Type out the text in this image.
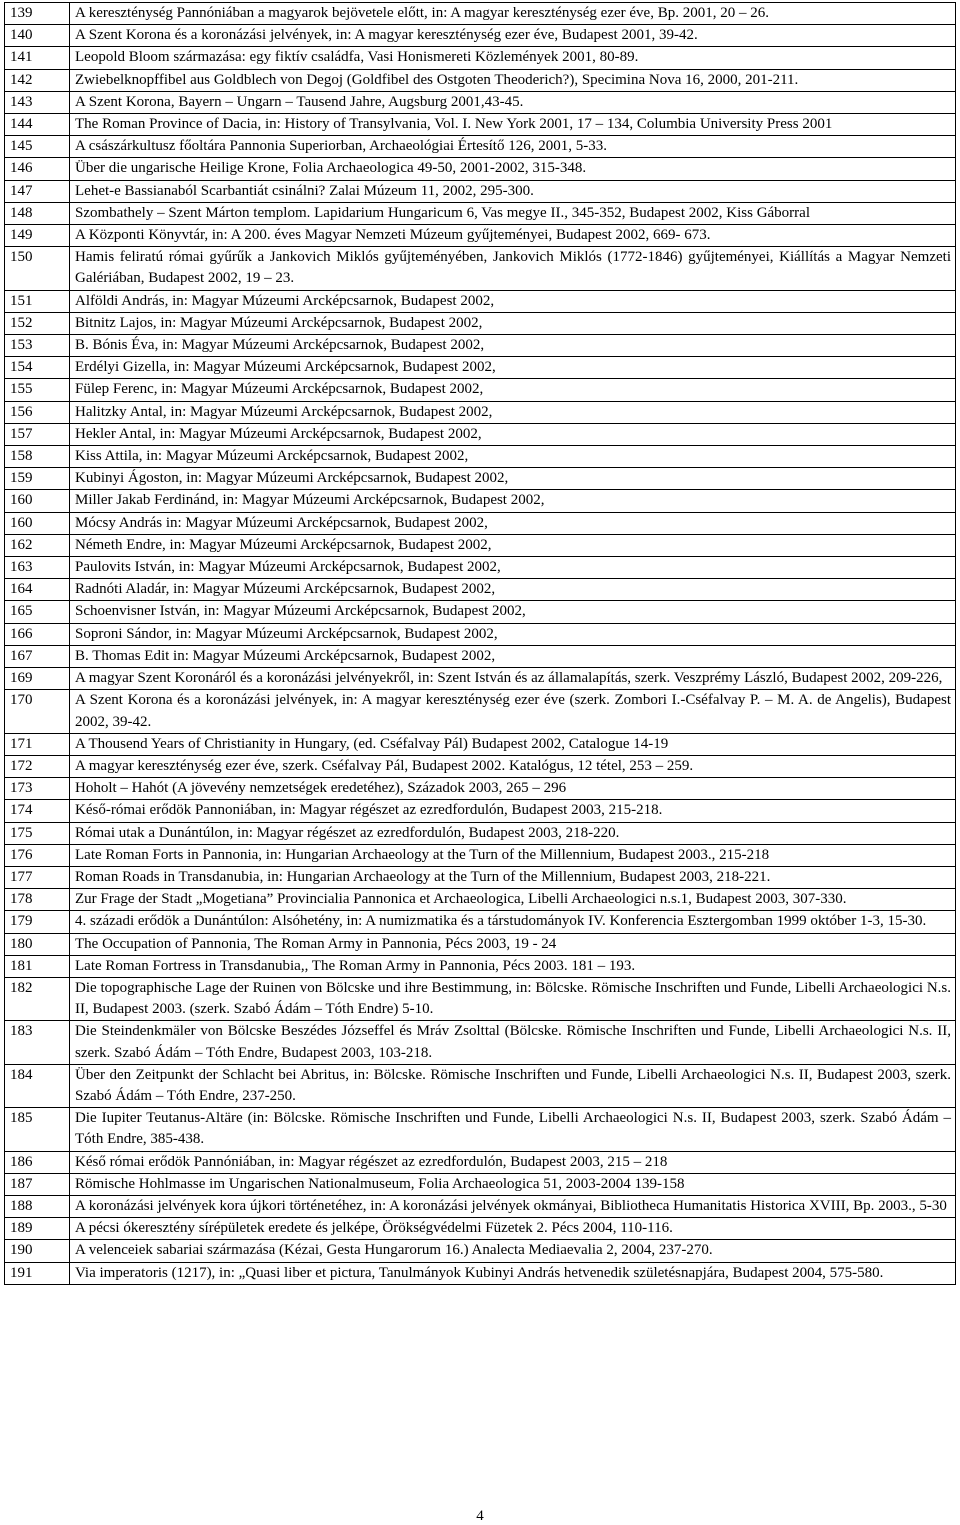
139	A kereszténység Pannóniában a magyarok bejövetele előtt, in: A magyar kereszténység ezer éve, Bp. 2001, 20 – 26.
140	A Szent Korona és a koronázási jelvények, in: A magyar kereszténység ezer éve, Budapest 2001, 39-42.
141	Leopold Bloom származása: egy fiktív családfa, Vasi Honismereti Közlemények 2001, 80-89.
142	Zwiebelknopffibel aus Goldblech von Degoj (Goldfibel des Ostgoten Theoderich?), Specimina Nova 16, 2000, 201-211.
143	A Szent Korona, Bayern – Ungarn – Tausend Jahre, Augsburg 2001,43-45.
144	The Roman Province of Dacia, in: History of Transylvania, Vol. I. New York 2001, 17 – 134, Columbia University Press 2001
145	A császárkultusz főoltára Pannonia Superiorban, Archaeológiai Értesítő 126, 2001, 5-33.
146	Über die ungarische Heilige Krone, Folia Archaeologica 49-50, 2001-2002, 315-348.
147	Lehet-e Bassianaból Scarbantiát csinálni? Zalai Múzeum 11, 2002, 295-300.
148	Szombathely – Szent Márton templom. Lapidarium Hungaricum 6, Vas megye II., 345-352, Budapest 2002, Kiss Gáborral
149	A Központi Könyvtár, in: A 200. éves Magyar Nemzeti Múzeum gyűjteményei, Budapest 2002, 669- 673.
150	Hamis feliratú római gyűrűk a Jankovich Miklós gyűjteményében, Jankovich Miklós (1772-1846) gyűjteményei, Kiállítás a Magyar Nemzeti Galériában, Budapest 2002, 19 – 23.
151	Alföldi András, in: Magyar Múzeumi Arcképcsarnok, Budapest 2002,
152	Bitnitz Lajos, in: Magyar Múzeumi Arcképcsarnok, Budapest 2002,
153	B. Bónis Éva, in: Magyar Múzeumi Arcképcsarnok, Budapest 2002,
154	Erdélyi Gizella, in: Magyar Múzeumi Arcképcsarnok, Budapest 2002,
155	Fülep Ferenc, in: Magyar Múzeumi Arcképcsarnok, Budapest 2002,
156	Halitzky Antal, in: Magyar Múzeumi Arcképcsarnok, Budapest 2002,
157	Hekler Antal, in: Magyar Múzeumi Arcképcsarnok, Budapest 2002,
158	Kiss Attila, in: Magyar Múzeumi Arcképcsarnok, Budapest 2002,
159	Kubinyi Ágoston, in: Magyar Múzeumi Arcképcsarnok, Budapest 2002,
160	Miller Jakab Ferdinánd, in: Magyar Múzeumi Arcképcsarnok, Budapest 2002,
160	Mócsy András in: Magyar Múzeumi Arcképcsarnok, Budapest 2002,
162	Németh Endre, in: Magyar Múzeumi Arcképcsarnok, Budapest 2002,
163	Paulovits István, in: Magyar Múzeumi Arcképcsarnok, Budapest 2002,
164	Radnóti Aladár, in: Magyar Múzeumi Arcképcsarnok, Budapest 2002,
165	Schoenvisner István, in: Magyar Múzeumi Arcképcsarnok, Budapest 2002,
166	Soproni Sándor, in: Magyar Múzeumi Arcképcsarnok, Budapest 2002,
167	B. Thomas Edit in: Magyar Múzeumi Arcképcsarnok, Budapest 2002,
169	A magyar Szent Koronáról és a koronázási jelvényekről, in: Szent István és az államalapítás, szerk. Veszprémy László, Budapest 2002, 209-226,
170	A Szent Korona és a koronázási jelvények, in: A magyar kereszténység ezer éve (szerk. Zombori I.-Cséfalvay P. – M. A. de Angelis), Budapest 2002, 39-42.
171	A Thousend Years of Christianity in Hungary, (ed. Cséfalvay Pál) Budapest 2002, Catalogue 14-19
172	A magyar kereszténység ezer éve, szerk. Cséfalvay Pál, Budapest 2002. Katalógus, 12 tétel, 253 – 259.
173	Hoholt – Hahót (A jövevény nemzetségek eredetéhez), Századok 2003, 265 – 296
174	Késő-római erődök Pannoniában, in: Magyar régészet az ezredfordulón, Budapest 2003, 215-218.
175	Római utak a Dunántúlon, in: Magyar régészet az ezredfordulón, Budapest 2003, 218-220.
176	Late Roman Forts in Pannonia, in: Hungarian Archaeology at the Turn of the Millennium, Budapest 2003., 215-218
177	Roman Roads in Transdanubia, in: Hungarian Archaeology at the Turn of the Millennium, Budapest 2003, 218-221.
178	Zur Frage der Stadt „Mogetiana” Provincialia Pannonica et Archaeologica, Libelli Archaeologici n.s.1, Budapest 2003, 307-330.
179	4. századi erődök a Dunántúlon: Alsóhetény, in: A numizmatika és a társtudományok IV. Konferencia Esztergomban 1999 október 1-3, 15-30.
180	The Occupation of Pannonia, The Roman Army in Pannonia, Pécs 2003, 19 - 24
181	Late Roman Fortress in Transdanubia,, The Roman Army in Pannonia, Pécs 2003. 181 – 193.
182	Die topographische Lage der Ruinen von Bölcske und ihre Bestimmung, in: Bölcske. Römische Inschriften und Funde, Libelli Archaeologici N.s. II, Budapest 2003. (szerk. Szabó Ádám – Tóth Endre) 5-10.
183	Die Steindenkmäler von Bölcske Beszédes Józseffel és Mráv Zsolttal (Bölcske. Römische Inschriften und Funde, Libelli Archaeologici N.s. II, szerk. Szabó Ádám – Tóth Endre, Budapest 2003, 103-218.
184	Über den Zeitpunkt der Schlacht bei Abritus, in: Bölcske. Römische Inschriften und Funde, Libelli Archaeologici N.s. II, Budapest 2003, szerk. Szabó Ádám – Tóth Endre, 237-250.
185	Die Iupiter Teutanus-Altäre (in: Bölcske. Römische Inschriften und Funde, Libelli Archaeologici N.s. II, Budapest 2003, szerk. Szabó Ádám – Tóth Endre, 385-438.
186	Késő római erődök Pannóniában, in: Magyar régészet az ezredfordulón, Budapest 2003, 215 – 218
187	Römische Hohlmasse im Ungarischen Nationalmuseum, Folia Archaeologica 51, 2003-2004 139-158
188	A koronázási jelvények kora újkori történetéhez, in: A koronázási jelvények okmányai, Bibliotheca Humanitatis Historica XVIII, Bp. 2003., 5-30
189	A pécsi ókeresztény sírépületek eredete és jelképe, Örökségvédelmi Füzetek 2. Pécs 2004, 110-116.
190	A velenceiek sabariai származása (Kézai, Gesta Hungarorum 16.) Analecta Mediaevalia 2, 2004, 237-270.
191	Via imperatoris (1217), in: „Quasi liber et pictura, Tanulmányok Kubinyi András hetvenedik születésnapjára, Budapest 2004, 575-580.
4
